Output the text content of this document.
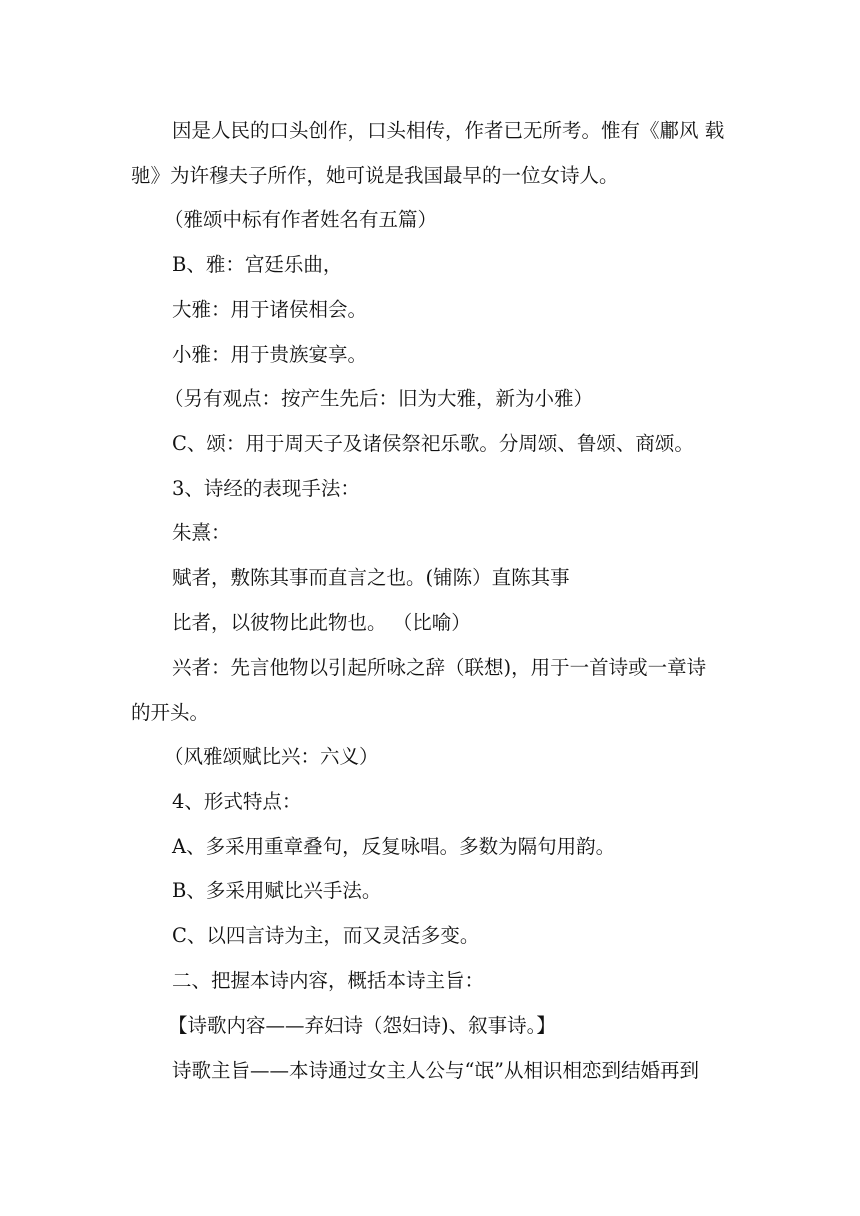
因是人民的口头创作，口头相传，作者已无所考。惟有《鄘风 载
驰》为许穆夫子所作，她可说是我国最早的一位女诗人。
（雅颂中标有作者姓名有五篇）
B、雅：宫廷乐曲，
大雅：用于诸侯相会。
小雅：用于贵族宴享。
（另有观点：按产生先后：旧为大雅，新为小雅）
C、颂：用于周天子及诸侯祭祀乐歌。分周颂、鲁颂、商颂。
3、诗经的表现手法：
朱熹：
赋者，敷陈其事而直言之也。(铺陈）直陈其事
比者，以彼物比此物也。 （比喻）
兴者：先言他物以引起所咏之辞（联想)，用于一首诗或一章诗
的开头。
（风雅颂赋比兴：六义）
4、形式特点：
A、多采用重章叠句，反复咏唱。多数为隔句用韵。
B、多采用赋比兴手法。
C、以四言诗为主，而又灵活多变。
二、把握本诗内容，概括本诗主旨：
【诗歌内容——弃妇诗（怨妇诗)、叙事诗。】
诗歌主旨——本诗通过女主人公与“氓”从相识相恋到结婚再到
